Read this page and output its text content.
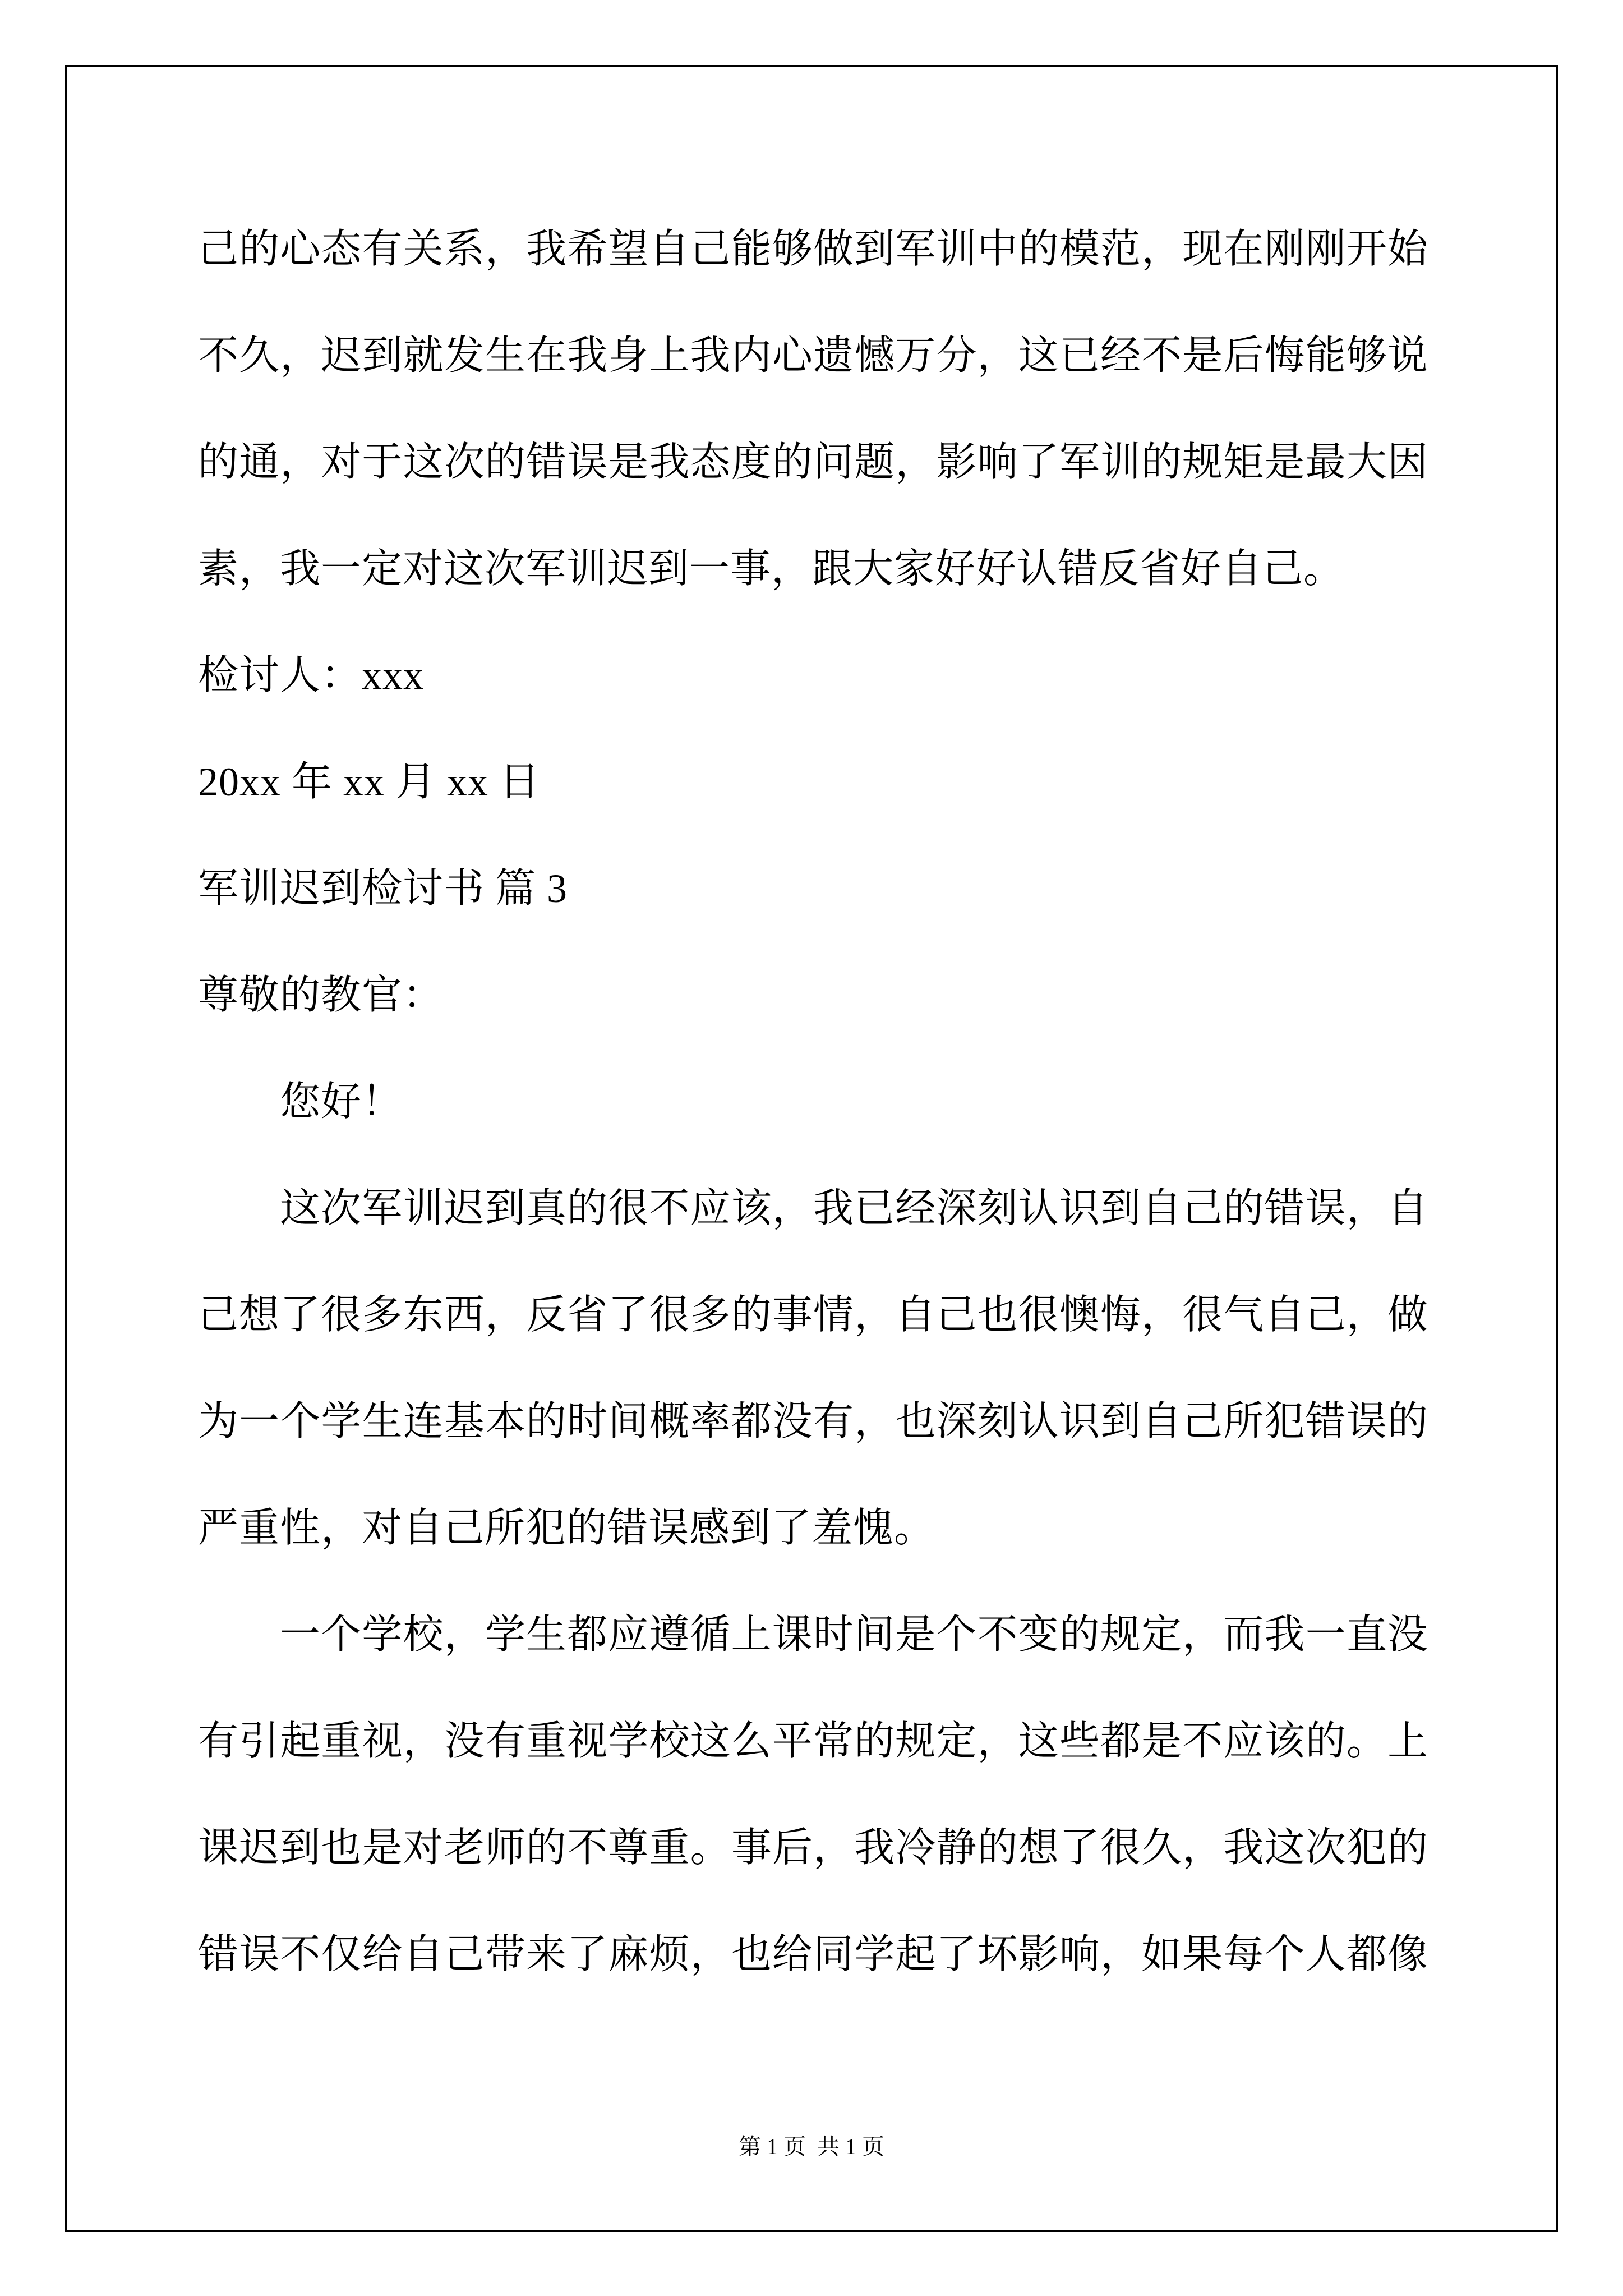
己的心态有关系，我希望自己能够做到军训中的模范，现在刚刚开始
不久，迟到就发生在我身上我内心遗憾万分，这已经不是后悔能够说
的通，对于这次的错误是我态度的问题，影响了军训的规矩是最大因
素，我一定对这次军训迟到一事，跟大家好好认错反省好自己。
检讨人：xxx
20xx 年 xx 月 xx 日
军训迟到检讨书 篇 3
尊敬的教官：
您好！
这次军训迟到真的很不应该，我已经深刻认识到自己的错误，自
己想了很多东西，反省了很多的事情，自己也很懊悔，很气自己，做
为一个学生连基本的时间概率都没有，也深刻认识到自己所犯错误的
严重性，对自己所犯的错误感到了羞愧。
一个学校，学生都应遵循上课时间是个不变的规定，而我一直没
有引起重视，没有重视学校这么平常的规定，这些都是不应该的。上
课迟到也是对老师的不尊重。事后，我冷静的想了很久，我这次犯的
错误不仅给自己带来了麻烦，也给同学起了坏影响，如果每个人都像
第 1 页  共 1 页
